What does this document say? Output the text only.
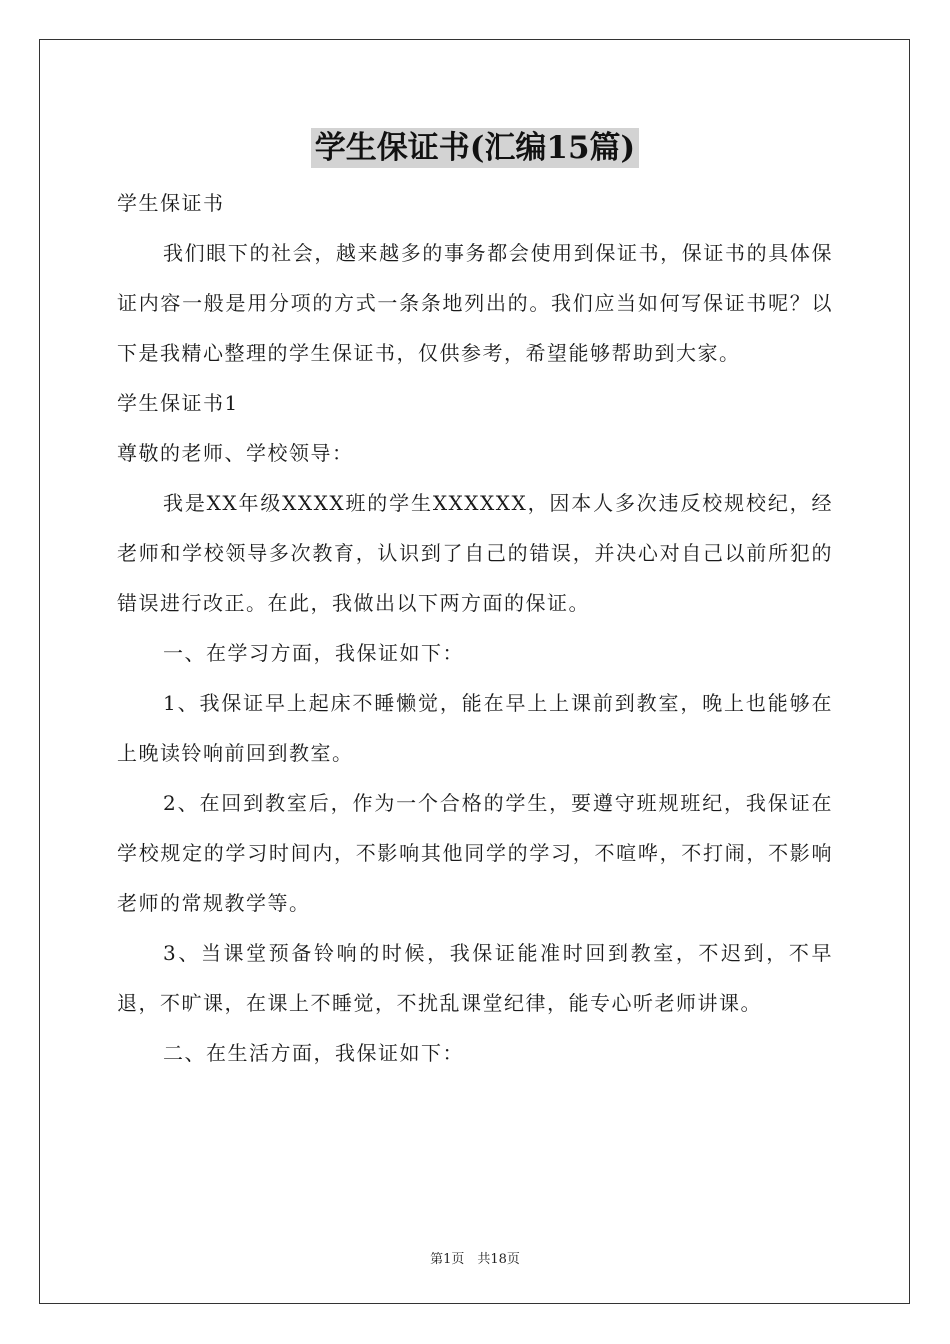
学生保证书(汇编15篇)

学生保证书

我们眼下的社会，越来越多的事务都会使用到保证书，保证书的具体保证内容一般是用分项的方式一条条地列出的。我们应当如何写保证书呢？以下是我精心整理的学生保证书，仅供参考，希望能够帮助到大家。

学生保证书1

尊敬的老师、学校领导：

我是XX年级XXXX班的学生XXXXXX，因本人多次违反校规校纪，经老师和学校领导多次教育，认识到了自己的错误，并决心对自己以前所犯的错误进行改正。在此，我做出以下两方面的保证。

一、在学习方面，我保证如下：

1、我保证早上起床不睡懒觉，能在早上上课前到教室，晚上也能够在上晚读铃响前回到教室。

2、在回到教室后，作为一个合格的学生，要遵守班规班纪，我保证在学校规定的学习时间内，不影响其他同学的学习，不喧哗，不打闹，不影响老师的常规教学等。

3、当课堂预备铃响的时候，我保证能准时回到教室，不迟到，不早退，不旷课，在课上不睡觉，不扰乱课堂纪律，能专心听老师讲课。

二、在生活方面，我保证如下：

第1页　共18页
